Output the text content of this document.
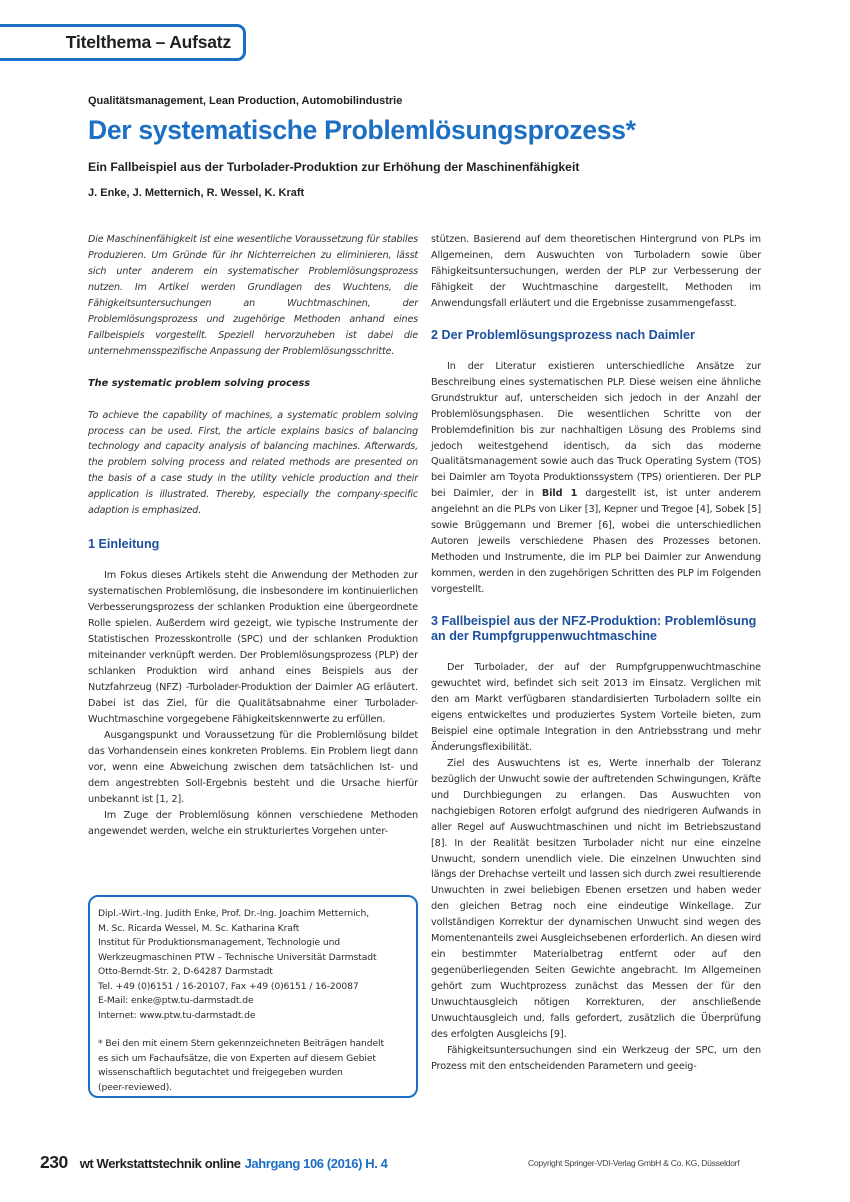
Titelthema – Aufsatz
Qualitätsmanagement, Lean Production, Automobilindustrie
Der systematische Problemlösungsprozess*
Ein Fallbeispiel aus der Turbolader-Produktion zur Erhöhung der Maschinenfähigkeit
J. Enke, J. Metternich, R. Wessel, K. Kraft

Die Maschinenfähigkeit ist eine wesentliche Voraussetzung für stabiles Produzieren. Um Gründe für ihr Nichterreichen zu eliminieren, lässt sich unter anderem ein systematischer Problemlösungsprozess nutzen. Im Artikel werden Grundlagen des Wuchtens, die Fähigkeitsuntersuchungen an Wuchtmaschinen, der Problemlösungsprozess und zugehörige Methoden anhand eines Fallbeispiels vorgestellt. Speziell hervorzuheben ist dabei die unternehmensspezifische Anpassung der Problemlösungsschritte.

The systematic problem solving process

To achieve the capability of machines, a systematic problem solving process can be used. First, the article explains basics of balancing technology and capacity analysis of balancing machines. Afterwards, the problem solving process and related methods are presented on the basis of a case study in the utility vehicle production and their application is illustrated. Thereby, especially the company-specific adaption is emphasized.

1 Einleitung

Im Fokus dieses Artikels steht die Anwendung der Methoden zur systematischen Problemlösung, die insbesondere im kontinuierlichen Verbesserungsprozess der schlanken Produktion eine übergeordnete Rolle spielen. Außerdem wird gezeigt, wie typische Instrumente der Statistischen Prozesskontrolle (SPC) und der schlanken Produktion miteinander verknüpft werden. Der Problemlösungsprozess (PLP) der schlanken Produktion wird anhand eines Beispiels aus der Nutzfahrzeug (NFZ) -Turbolader-Produktion der Daimler AG erläutert. Dabei ist das Ziel, für die Qualitätsabnahme einer Turbolader-Wuchtmaschine vorgegebene Fähigkeitskennwerte zu erfüllen.

Ausgangspunkt und Voraussetzung für die Problemlösung bildet das Vorhandensein eines konkreten Problems. Ein Problem liegt dann vor, wenn eine Abweichung zwischen dem tatsächlichen Ist- und dem angestrebten Soll-Ergebnis besteht und die Ursache hierfür unbekannt ist [1, 2].

Im Zuge der Problemlösung können verschiedene Methoden angewendet werden, welche ein strukturiertes Vorgehen unter-

Dipl.-Wirt.-Ing. Judith Enke, Prof. Dr.-Ing. Joachim Metternich,
M. Sc. Ricarda Wessel, M. Sc. Katharina Kraft
Institut für Produktionsmanagement, Technologie und
Werkzeugmaschinen PTW – Technische Universität Darmstadt
Otto-Berndt-Str. 2, D-64287 Darmstadt
Tel. +49 (0)6151 / 16-20107, Fax +49 (0)6151 / 16-20087
E-Mail: enke@ptw.tu-darmstadt.de
Internet: www.ptw.tu-darmstadt.de
* Bei den mit einem Stern gekennzeichneten Beiträgen handelt
es sich um Fachaufsätze, die von Experten auf diesem Gebiet
wissenschaftlich begutachtet und freigegeben wurden
(peer-reviewed).

stützen. Basierend auf dem theoretischen Hintergrund von PLPs im Allgemeinen, dem Auswuchten von Turboladern sowie über Fähigkeitsuntersuchungen, werden der PLP zur Verbesserung der Fähigkeit der Wuchtmaschine dargestellt, Methoden im Anwendungsfall erläutert und die Ergebnisse zusammengefasst.

2 Der Problemlösungsprozess nach Daimler

In der Literatur existieren unterschiedliche Ansätze zur Beschreibung eines systematischen PLP. Diese weisen eine ähnliche Grundstruktur auf, unterscheiden sich jedoch in der Anzahl der Problemlösungsphasen. Die wesentlichen Schritte von der Problemdefinition bis zur nachhaltigen Lösung des Problems sind jedoch weitestgehend identisch, da sich das moderne Qualitätsmanagement sowie auch das Truck Operating System (TOS) bei Daimler am Toyota Produktionssystem (TPS) orientieren. Der PLP bei Daimler, der in Bild 1 dargestellt ist, ist unter anderem angelehnt an die PLPs von Liker [3], Kepner und Tregoe [4], Sobek [5] sowie Brüggemann und Bremer [6], wobei die unterschiedlichen Autoren jeweils verschiedene Phasen des Prozesses betonen. Methoden und Instrumente, die im PLP bei Daimler zur Anwendung kommen, werden in den zugehörigen Schritten des PLP im Folgenden vorgestellt.

3 Fallbeispiel aus der NFZ-Produktion: Problemlösung an der Rumpfgruppenwuchtmaschine

Der Turbolader, der auf der Rumpfgruppenwuchtmaschine gewuchtet wird, befindet sich seit 2013 im Einsatz. Verglichen mit den am Markt verfügbaren standardisierten Turboladern sollte ein eigens entwickeltes und produziertes System Vorteile bieten, zum Beispiel eine optimale Integration in den Antriebsstrang und mehr Änderungsflexibilität.

Ziel des Auswuchtens ist es, Werte innerhalb der Toleranz bezüglich der Unwucht sowie der auftretenden Schwingungen, Kräfte und Durchbiegungen zu erlangen. Das Auswuchten von nachgiebigen Rotoren erfolgt aufgrund des niedrigeren Aufwands in aller Regel auf Auswuchtmaschinen und nicht im Betriebszustand [8]. In der Realität besitzen Turbolader nicht nur eine einzelne Unwucht, sondern unendlich viele. Die einzelnen Unwuchten sind längs der Drehachse verteilt und lassen sich durch zwei resultierende Unwuchten in zwei beliebigen Ebenen ersetzen und haben weder den gleichen Betrag noch eine eindeutige Winkellage. Zur vollständigen Korrektur der dynamischen Unwucht sind wegen des Momentenanteils zwei Ausgleichsebenen erforderlich. An diesen wird ein bestimmter Materialbetrag entfernt oder auf den gegenüberliegenden Seiten Gewichte angebracht. Im Allgemeinen gehört zum Wuchtprozess zunächst das Messen der für den Unwuchtausgleich nötigen Korrekturen, der anschließende Unwuchtausgleich und, falls gefordert, zusätzlich die Überprüfung des erfolgten Ausgleichs [9].

Fähigkeitsuntersuchungen sind ein Werkzeug der SPC, um den Prozess mit den entscheidenden Parametern und geeig-

230 wt Werkstattstechnik online Jahrgang 106 (2016) H. 4	Copyright Springer-VDI-Verlag GmbH & Co. KG, Düsseldorf
